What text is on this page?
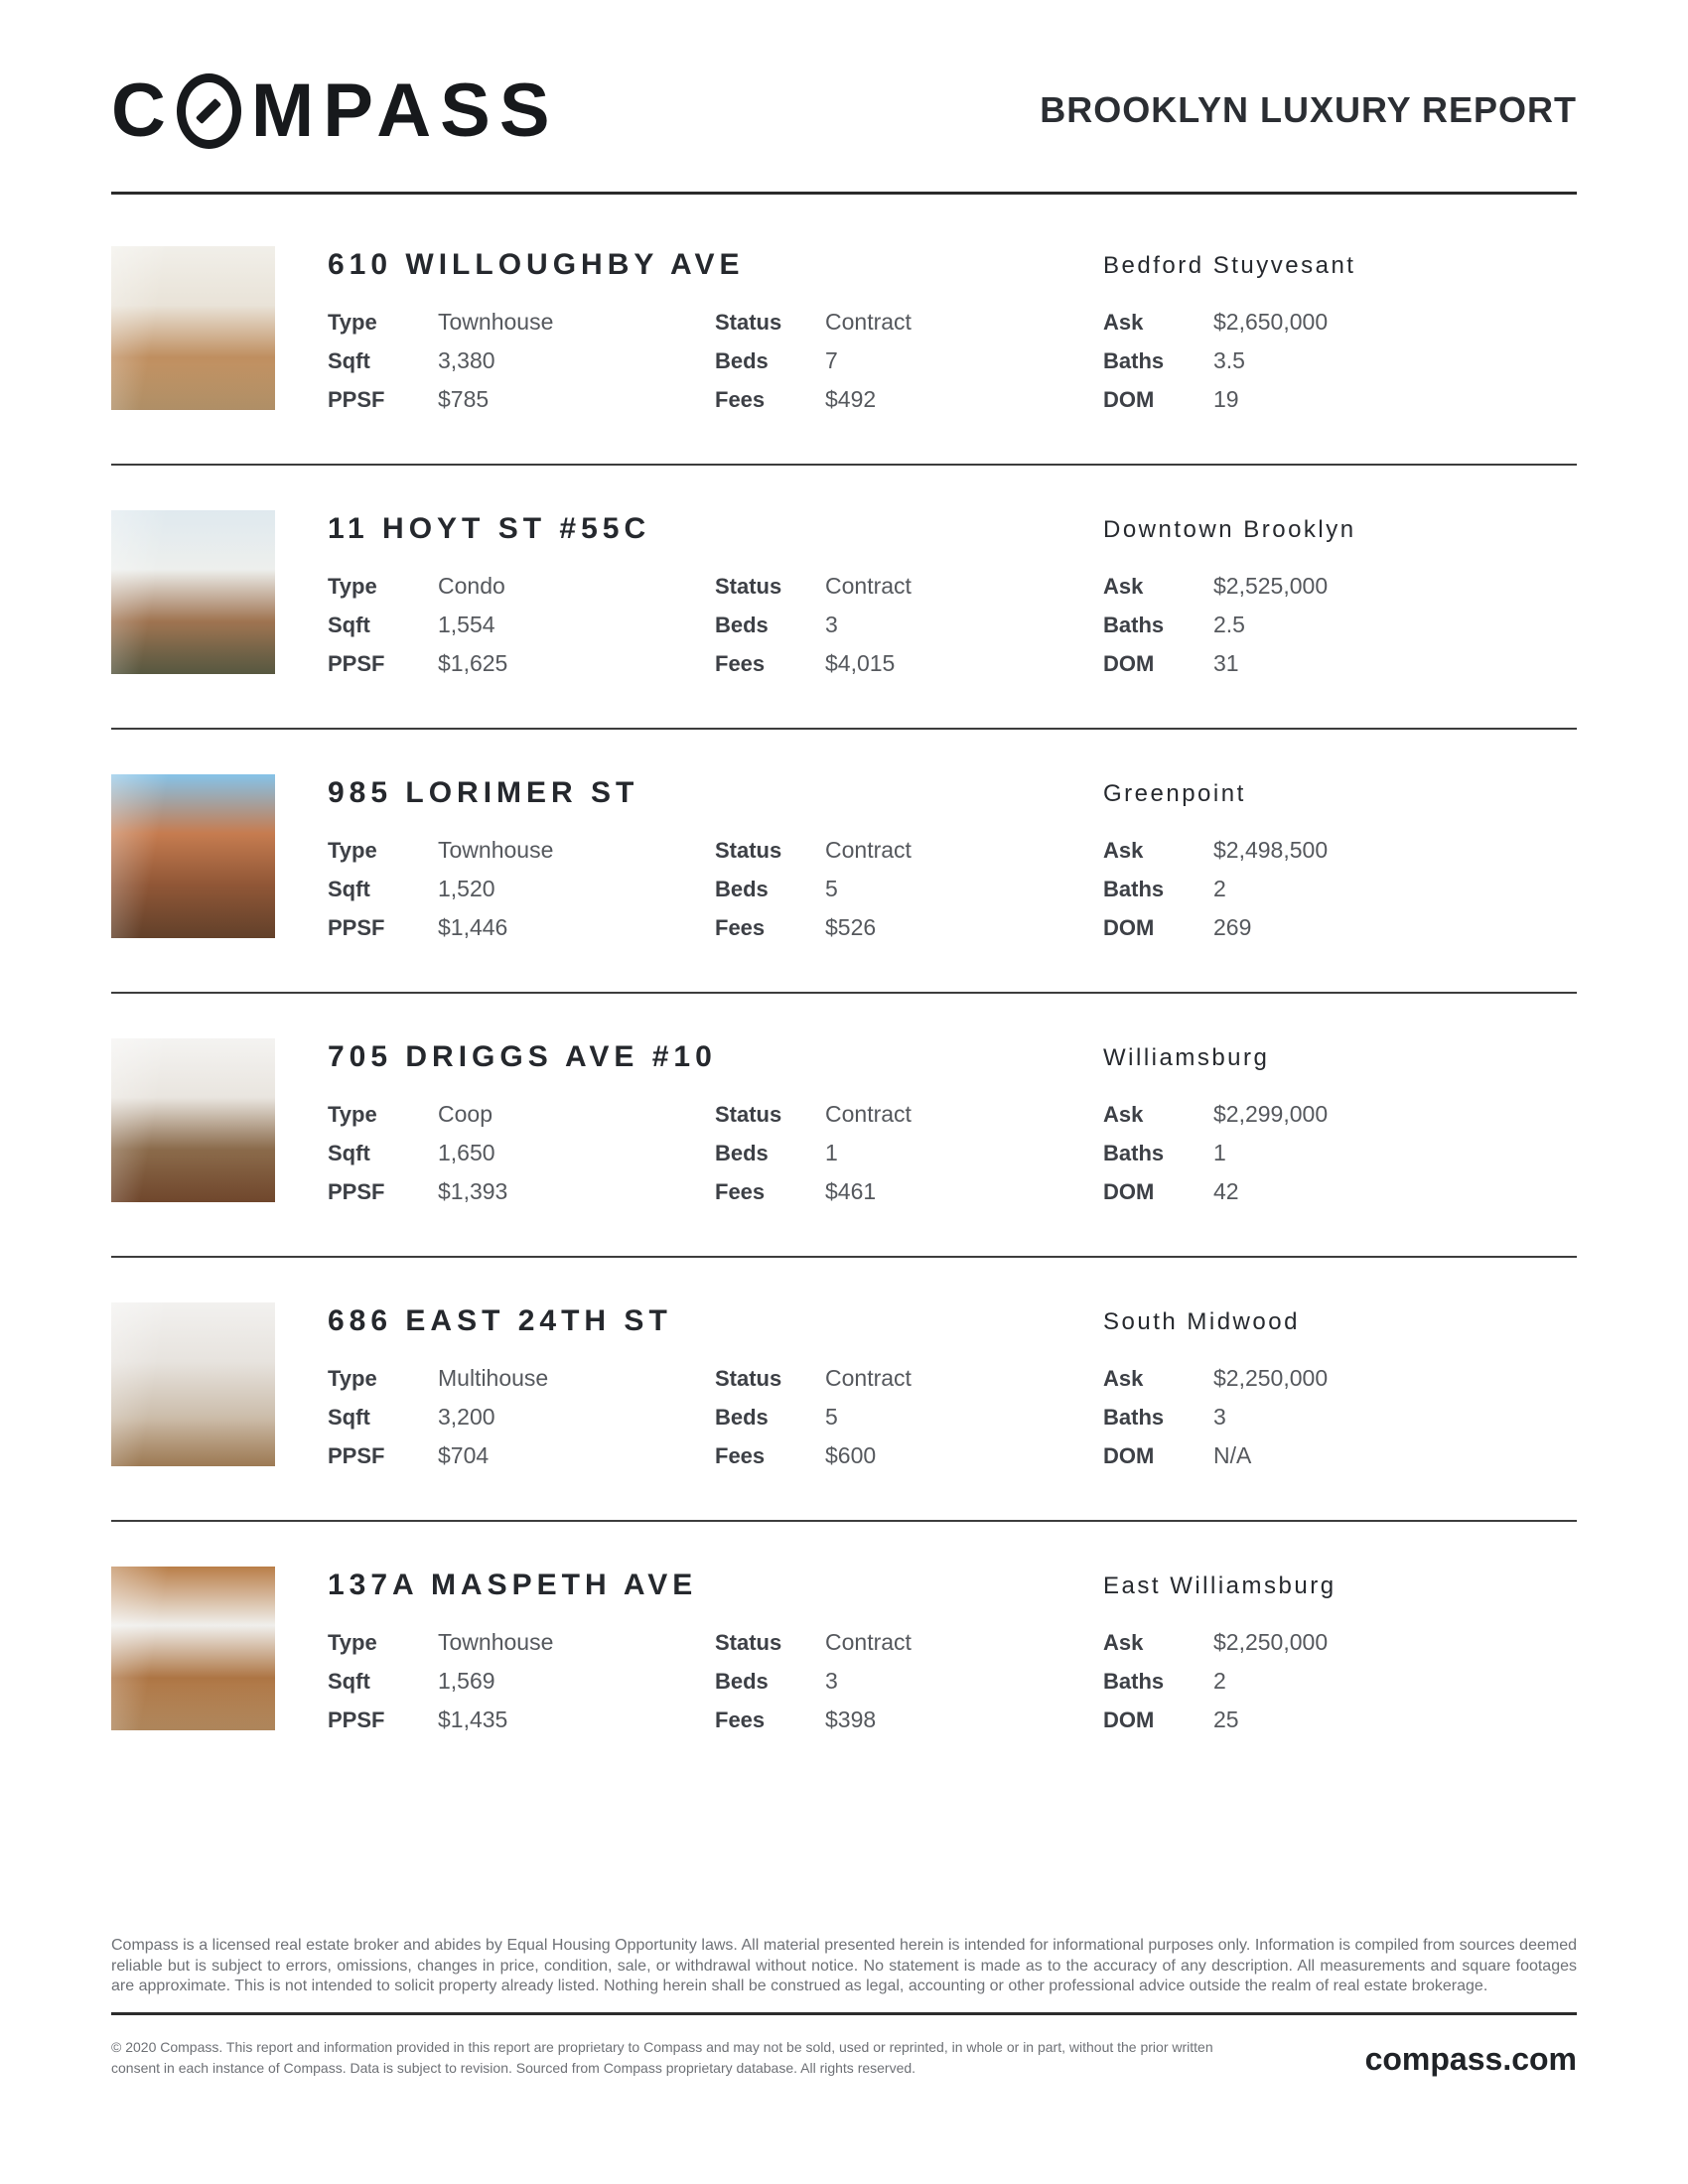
C MPASS	BROOKLYN LUXURY REPORT
610 WILLOUGHBY AVE	Bedford Stuyvesant
Type	Townhouse	Status	Contract	Ask	$2,650,000
Sqft	3,380	Beds	7	Baths	3.5
PPSF	$785	Fees	$492	DOM	19
11 HOYT ST #55C	Downtown Brooklyn
Type	Condo	Status	Contract	Ask	$2,525,000
Sqft	1,554	Beds	3	Baths	2.5
PPSF	$1,625	Fees	$4,015	DOM	31
985 LORIMER ST	Greenpoint
Type	Townhouse	Status	Contract	Ask	$2,498,500
Sqft	1,520	Beds	5	Baths	2
PPSF	$1,446	Fees	$526	DOM	269
705 DRIGGS AVE #10	Williamsburg
Type	Coop	Status	Contract	Ask	$2,299,000
Sqft	1,650	Beds	1	Baths	1
PPSF	$1,393	Fees	$461	DOM	42
686 EAST 24TH ST	South Midwood
Type	Multihouse	Status	Contract	Ask	$2,250,000
Sqft	3,200	Beds	5	Baths	3
PPSF	$704	Fees	$600	DOM	N/A
137A MASPETH AVE	East Williamsburg
Type	Townhouse	Status	Contract	Ask	$2,250,000
Sqft	1,569	Beds	3	Baths	2
PPSF	$1,435	Fees	$398	DOM	25
Compass is a licensed real estate broker and abides by Equal Housing Opportunity laws. All material presented herein is intended for informational purposes only. Information is compiled from sources deemed reliable but is subject to errors, omissions, changes in price, condition, sale, or withdrawal without notice. No statement is made as to the accuracy of any description. All measurements and square footages are approximate. This is not intended to solicit property already listed. Nothing herein shall be construed as legal, accounting or other professional advice outside the realm of real estate brokerage.
© 2020 Compass. This report and information provided in this report are proprietary to Compass and may not be sold, used or reprinted, in whole or in part, without the prior written consent in each instance of Compass. Data is subject to revision. Sourced from Compass proprietary database. All rights reserved.	compass.com
